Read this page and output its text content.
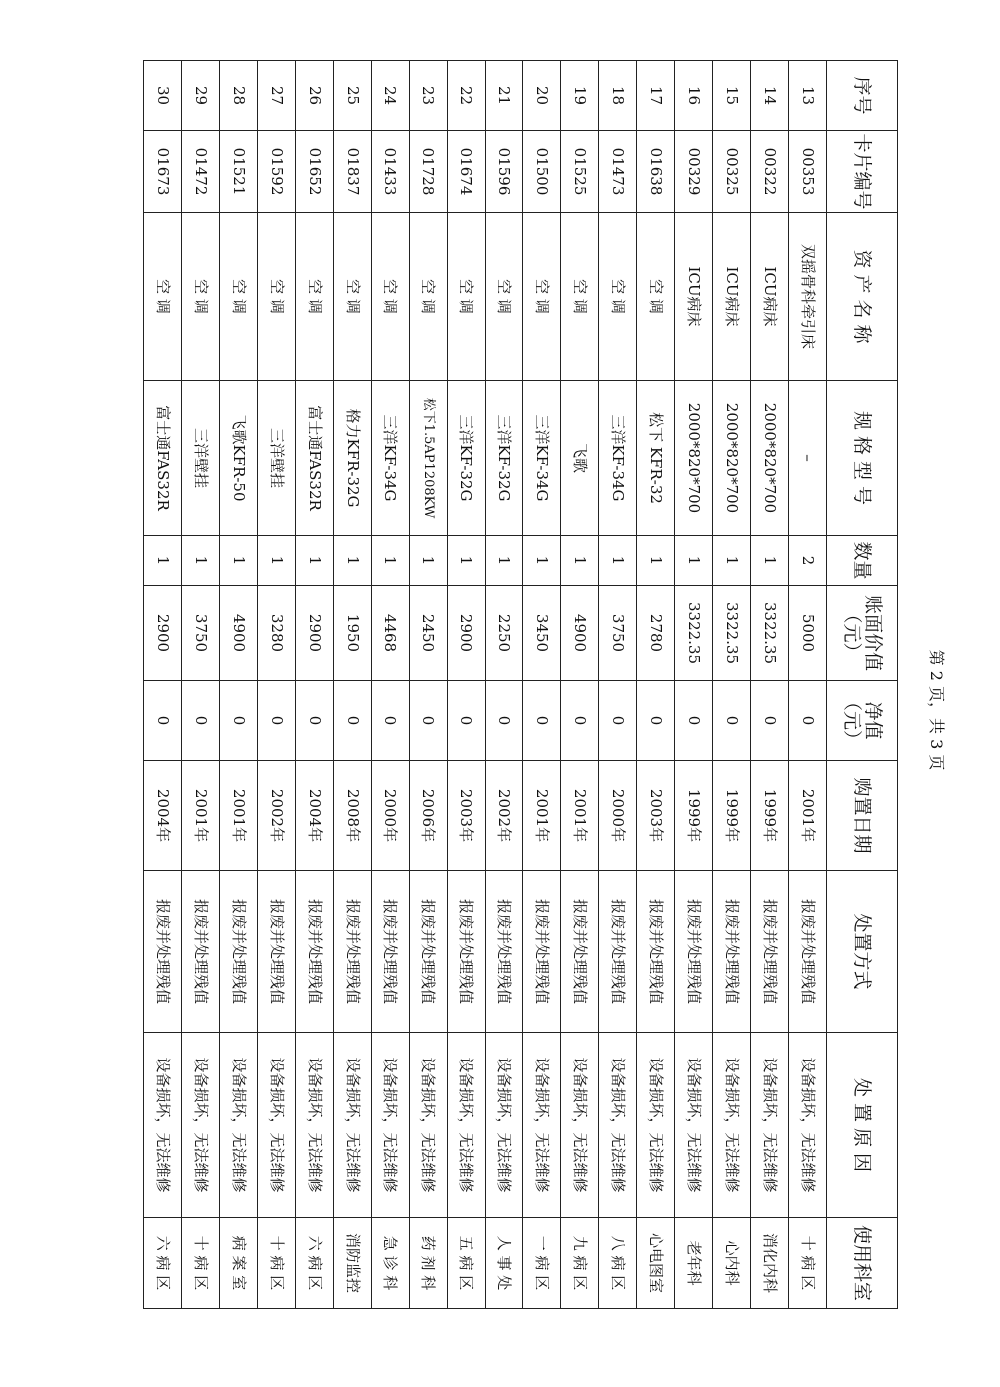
序号	卡片编号	资 产 名 称	规 格 型 号	数量	账面价值（元）	净值（元）	购置日期	处置方式	处 置 原 因	使用科室
13	00353	双摇骨科牵引床	–	2	5000	0	2001年	报废并处理残值	设备损坏，无法维修	十 病 区
14	00322	ICU病床	2000*820*700	1	3322.35	0	1999年	报废并处理残值	设备损坏，无法维修	消化内科
15	00325	ICU病床	2000*820*700	1	3322.35	0	1999年	报废并处理残值	设备损坏，无法维修	心内科
16	00329	ICU病床	2000*820*700	1	3322.35	0	1999年	报废并处理残值	设备损坏，无法维修	老年科
17	01638	空 调	松下 KFR-32	1	2780	0	2003年	报废并处理残值	设备损坏，无法维修	心电图室
18	01473	空 调	三洋KF-34G	1	3750	0	2000年	报废并处理残值	设备损坏，无法维修	八 病 区
19	01525	空 调	飞歌	1	4900	0	2001年	报废并处理残值	设备损坏，无法维修	九 病 区
20	01500	空 调	三洋KF-34G	1	3450	0	2001年	报废并处理残值	设备损坏，无法维修	一 病 区
21	01596	空 调	三洋KF-32G	1	2250	0	2002年	报废并处理残值	设备损坏，无法维修	人 事 处
22	01674	空 调	三洋KF-32G	1	2900	0	2003年	报废并处理残值	设备损坏，无法维修	五 病 区
23	01728	空 调	松下1.5AP1208KW	1	2450	0	2006年	报废并处理残值	设备损坏，无法维修	药 剂 科
24	01433	空 调	三洋KF-34G	1	4468	0	2000年	报废并处理残值	设备损坏，无法维修	急 诊 科
25	01837	空 调	格力KFR-32G	1	1950	0	2008年	报废并处理残值	设备损坏，无法维修	消防监控
26	01652	空 调	富士通FAS32R	1	2900	0	2004年	报废并处理残值	设备损坏，无法维修	六 病 区
27	01592	空 调	三洋壁挂	1	3280	0	2002年	报废并处理残值	设备损坏，无法维修	十 病 区
28	01521	空 调	飞歌KFR-50	1	4900	0	2001年	报废并处理残值	设备损坏，无法维修	病 案 室
29	01472	空 调	三洋壁挂	1	3750	0	2001年	报废并处理残值	设备损坏，无法维修	十 病 区
30	01673	空 调	富士通FAS32R	1	2900	0	2004年	报废并处理残值	设备损坏，无法维修	六 病 区
第 2 页，共 3 页
